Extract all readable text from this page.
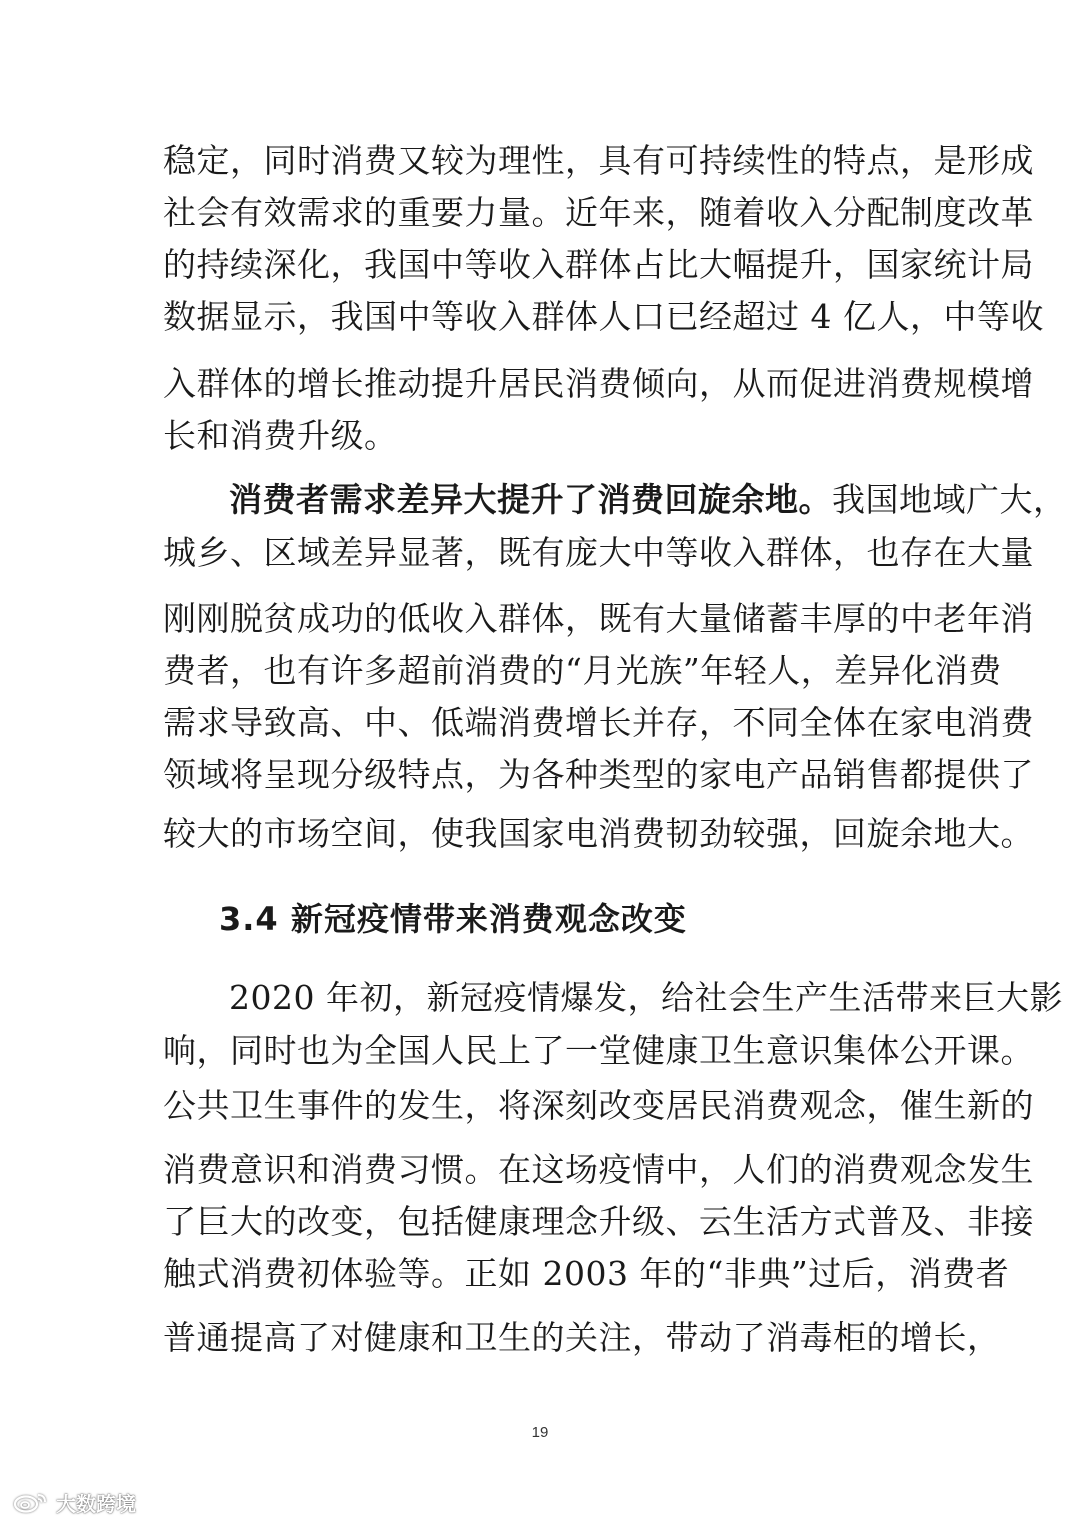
稳定，同时消费又较为理性，具有可持续性的特点，是形成
社会有效需求的重要力量。近年来，随着收入分配制度改革
的持续深化，我国中等收入群体占比大幅提升，国家统计局
数据显示，我国中等收入群体人口已经超过 4 亿人，中等收
入群体的增长推动提升居民消费倾向，从而促进消费规模增
长和消费升级。
消费者需求差异大提升了消费回旋余地。我国地域广大，
城乡、区域差异显著，既有庞大中等收入群体，也存在大量
刚刚脱贫成功的低收入群体，既有大量储蓄丰厚的中老年消
费者，也有许多超前消费的“月光族”年轻人，差异化消费
需求导致高、中、低端消费增长并存，不同全体在家电消费
领域将呈现分级特点，为各种类型的家电产品销售都提供了
较大的市场空间，使我国家电消费韧劲较强，回旋余地大。
3.4 新冠疫情带来消费观念改变
2020 年初，新冠疫情爆发，给社会生产生活带来巨大影
响，同时也为全国人民上了一堂健康卫生意识集体公开课。
公共卫生事件的发生，将深刻改变居民消费观念，催生新的
消费意识和消费习惯。在这场疫情中，人们的消费观念发生
了巨大的改变，包括健康理念升级、云生活方式普及、非接
触式消费初体验等。正如 2003 年的“非典”过后，消费者
普通提高了对健康和卫生的关注，带动了消毒柜的增长，
19
大数跨境
